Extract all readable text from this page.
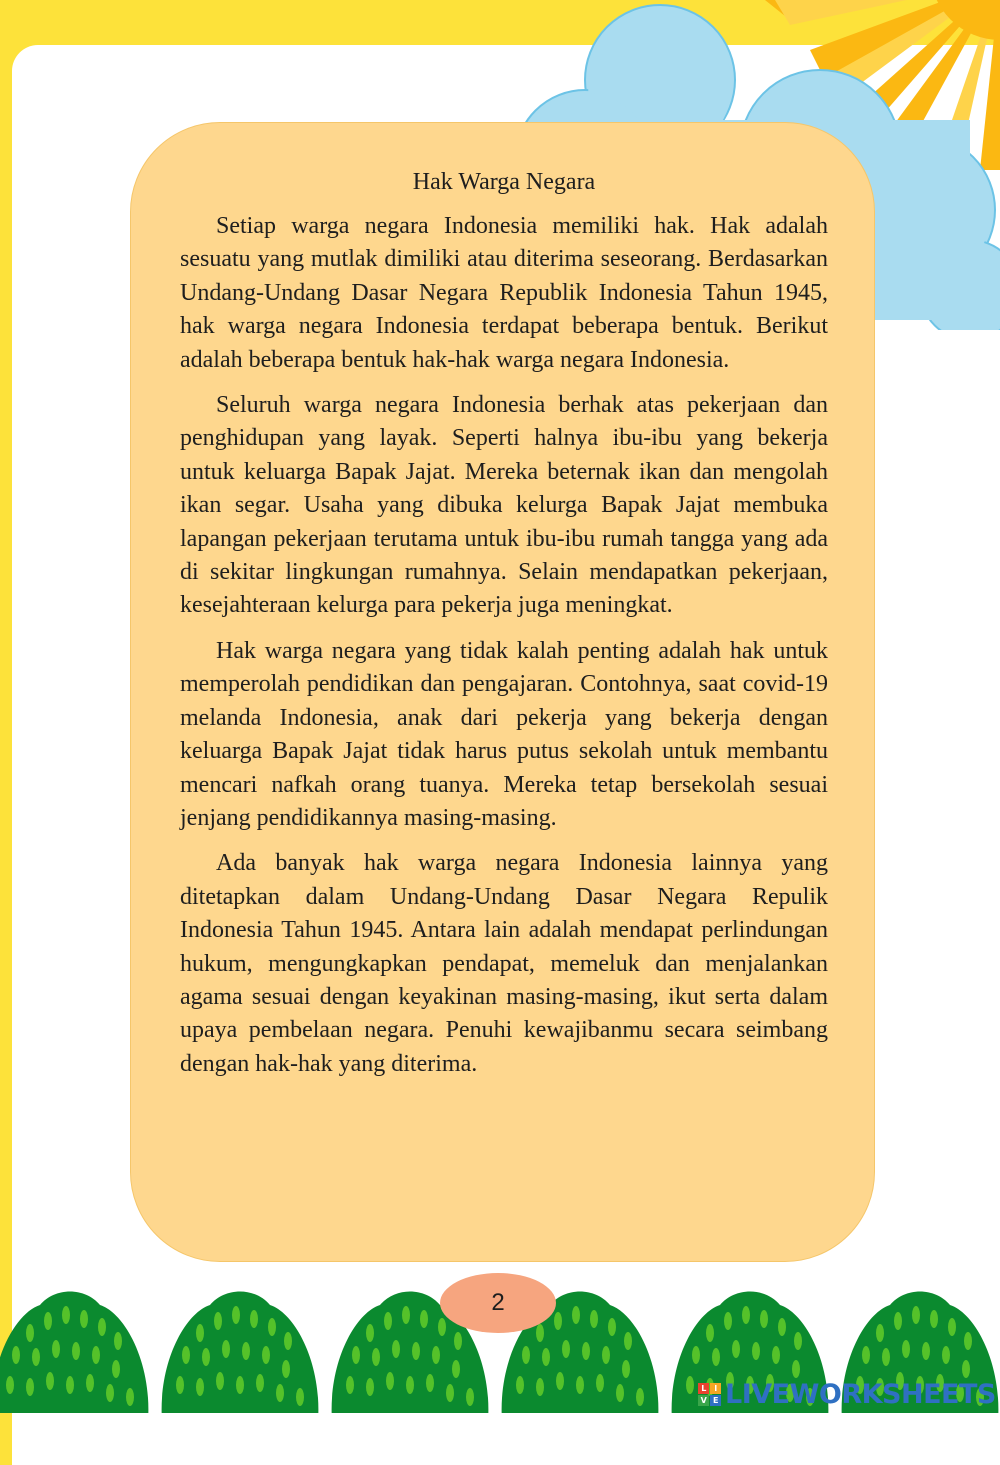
Hak Warga Negara

Setiap warga negara Indonesia memiliki hak. Hak adalah sesuatu yang mutlak dimiliki atau diterima seseorang. Berdasarkan Undang-Undang Dasar Negara Republik Indonesia Tahun 1945, hak warga negara Indonesia terdapat beberapa bentuk. Berikut adalah beberapa bentuk hak-hak warga negara Indonesia.

Seluruh warga negara Indonesia berhak atas pekerjaan dan penghidupan yang layak. Seperti halnya ibu-ibu yang bekerja untuk keluarga Bapak Jajat. Mereka beternak ikan dan mengolah ikan segar. Usaha yang dibuka kelurga Bapak Jajat membuka lapangan pekerjaan terutama untuk ibu-ibu rumah tangga yang ada di sekitar lingkungan rumahnya. Selain mendapatkan pekerjaan, kesejahteraan kelurga para pekerja juga meningkat.

Hak warga negara yang tidak kalah penting adalah hak untuk memperolah pendidikan dan pengajaran. Contohnya, saat covid-19 melanda Indonesia, anak dari pekerja yang bekerja dengan keluarga Bapak Jajat tidak harus putus sekolah untuk membantu mencari nafkah orang tuanya. Mereka tetap bersekolah sesuai jenjang pendidikannya masing-masing.

Ada banyak hak warga negara Indonesia lainnya yang ditetapkan dalam Undang-Undang Dasar Negara Repulik Indonesia Tahun 1945. Antara lain adalah mendapat perlindungan hukum, mengungkapkan pendapat, memeluk dan menjalankan agama sesuai dengan keyakinan masing-masing, ikut serta dalam upaya pembelaan negara. Penuhi kewajibanmu secara seimbang dengan hak-hak yang diterima.

2
L	I
V E LIVEWORKSHEETS
